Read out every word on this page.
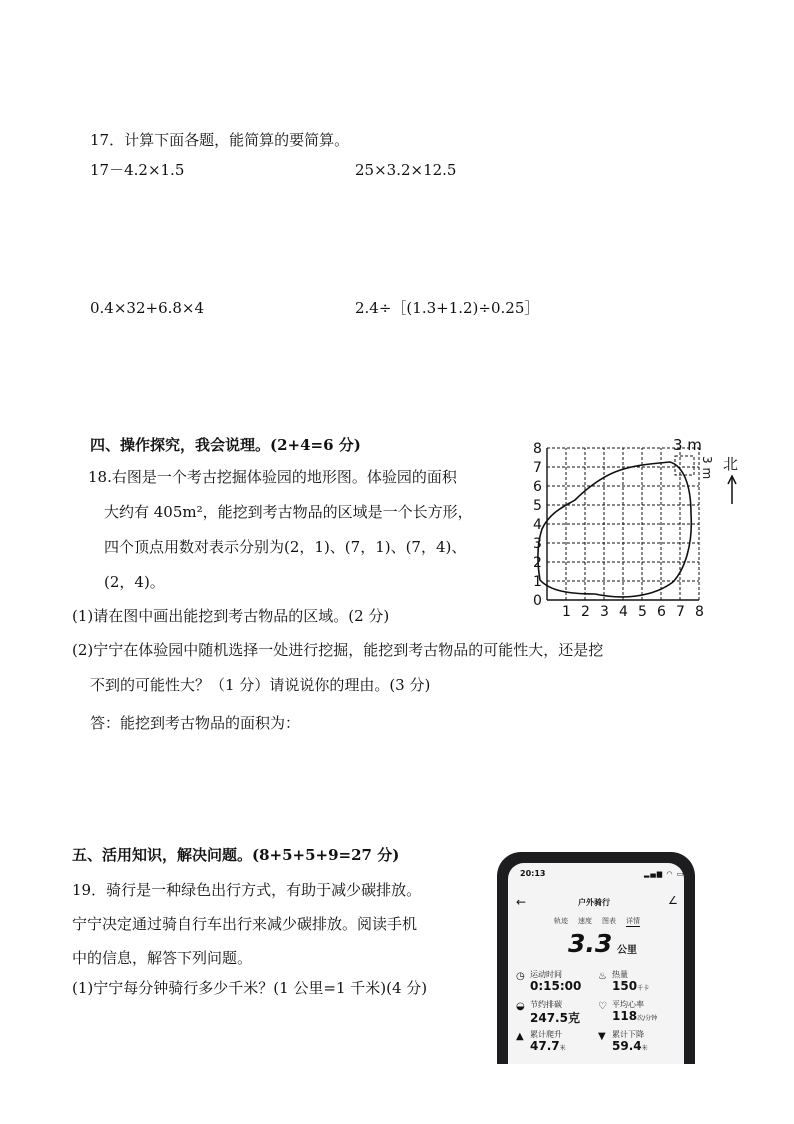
17．计算下面各题，能简算的要简算。
17－4.2×1.5	25×3.2×12.5
0.4×32+6.8×4	2.4÷［(1.3+1.2)÷0.25］
四、操作探究，我会说理。(2+4=6 分)
18.右图是一个考古挖掘体验园的地形图。体验园的面积
大约有 405m²，能挖到考古物品的区域是一个长方形，
四个顶点用数对表示分别为(2，1)、(7，1)、(7，4)、
(2，4)。
(1)请在图中画出能挖到考古物品的区域。(2 分)
(2)宁宁在体验园中随机选择一处进行挖掘，能挖到考古物品的可能性大，还是挖
不到的可能性大？（1 分）请说说你的理由。(3 分)
答：能挖到考古物品的面积为：
1 2 3 4 5 6 7 8
0
1
2
3
4
5
6
7
8	3 m
3 m 北
五、活用知识，解决问题。(8+5+5+9=27 分)
19．骑行是一种绿色出行方式，有助于减少碳排放。
宁宁决定通过骑自行车出行来减少碳排放。阅读手机
中的信息，解答下列问题。
(1)宁宁每分钟骑行多少千米？(1 公里=1 千米)(4 分)
20:13	▂▄▆ ◠ ▭
←	户外骑行	∠
轨迹 速度 图表 详情
3.3 公里
◷ 运动时间
0:15:00
◒ 节约排碳
247.5克
▲ 累计爬升
47.7米
♨ 热量
150千卡
♡ 平均心率
118次/分钟
▼ 累计下降
59.4米
